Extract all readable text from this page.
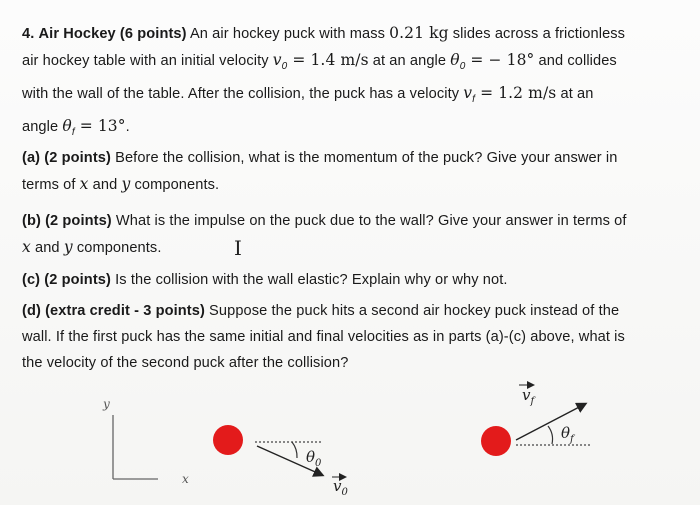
4. Air Hockey (6 points) An air hockey puck with mass 0.21 kg slides across a frictionless
air hockey table with an initial velocity $v_0 = 1.4$ m/s at an angle $\theta_0$ = − 18° and collides
with the wall of the table. After the collision, the puck has a velocity $v_f = 1.2$ m/s at an
angle $\theta_f = 13^\circ$.
(a) (2 points) Before the collision, what is the momentum of the puck? Give your answer in
terms of x and y components.
(b) (2 points) What is the impulse on the puck due to the wall? Give your answer in terms of
x and y components.	I
(c) (2 points) Is the collision with the wall elastic? Explain why or why not.
(d) (extra credit - 3 points) Suppose the puck hits a second air hockey puck instead of the
wall. If the first puck has the same initial and final velocities as in parts (a)-(c) above, what is
the velocity of the second puck after the collision?
y
x
$\theta_0$
$v_0$
$\theta_f$
$v_f$
